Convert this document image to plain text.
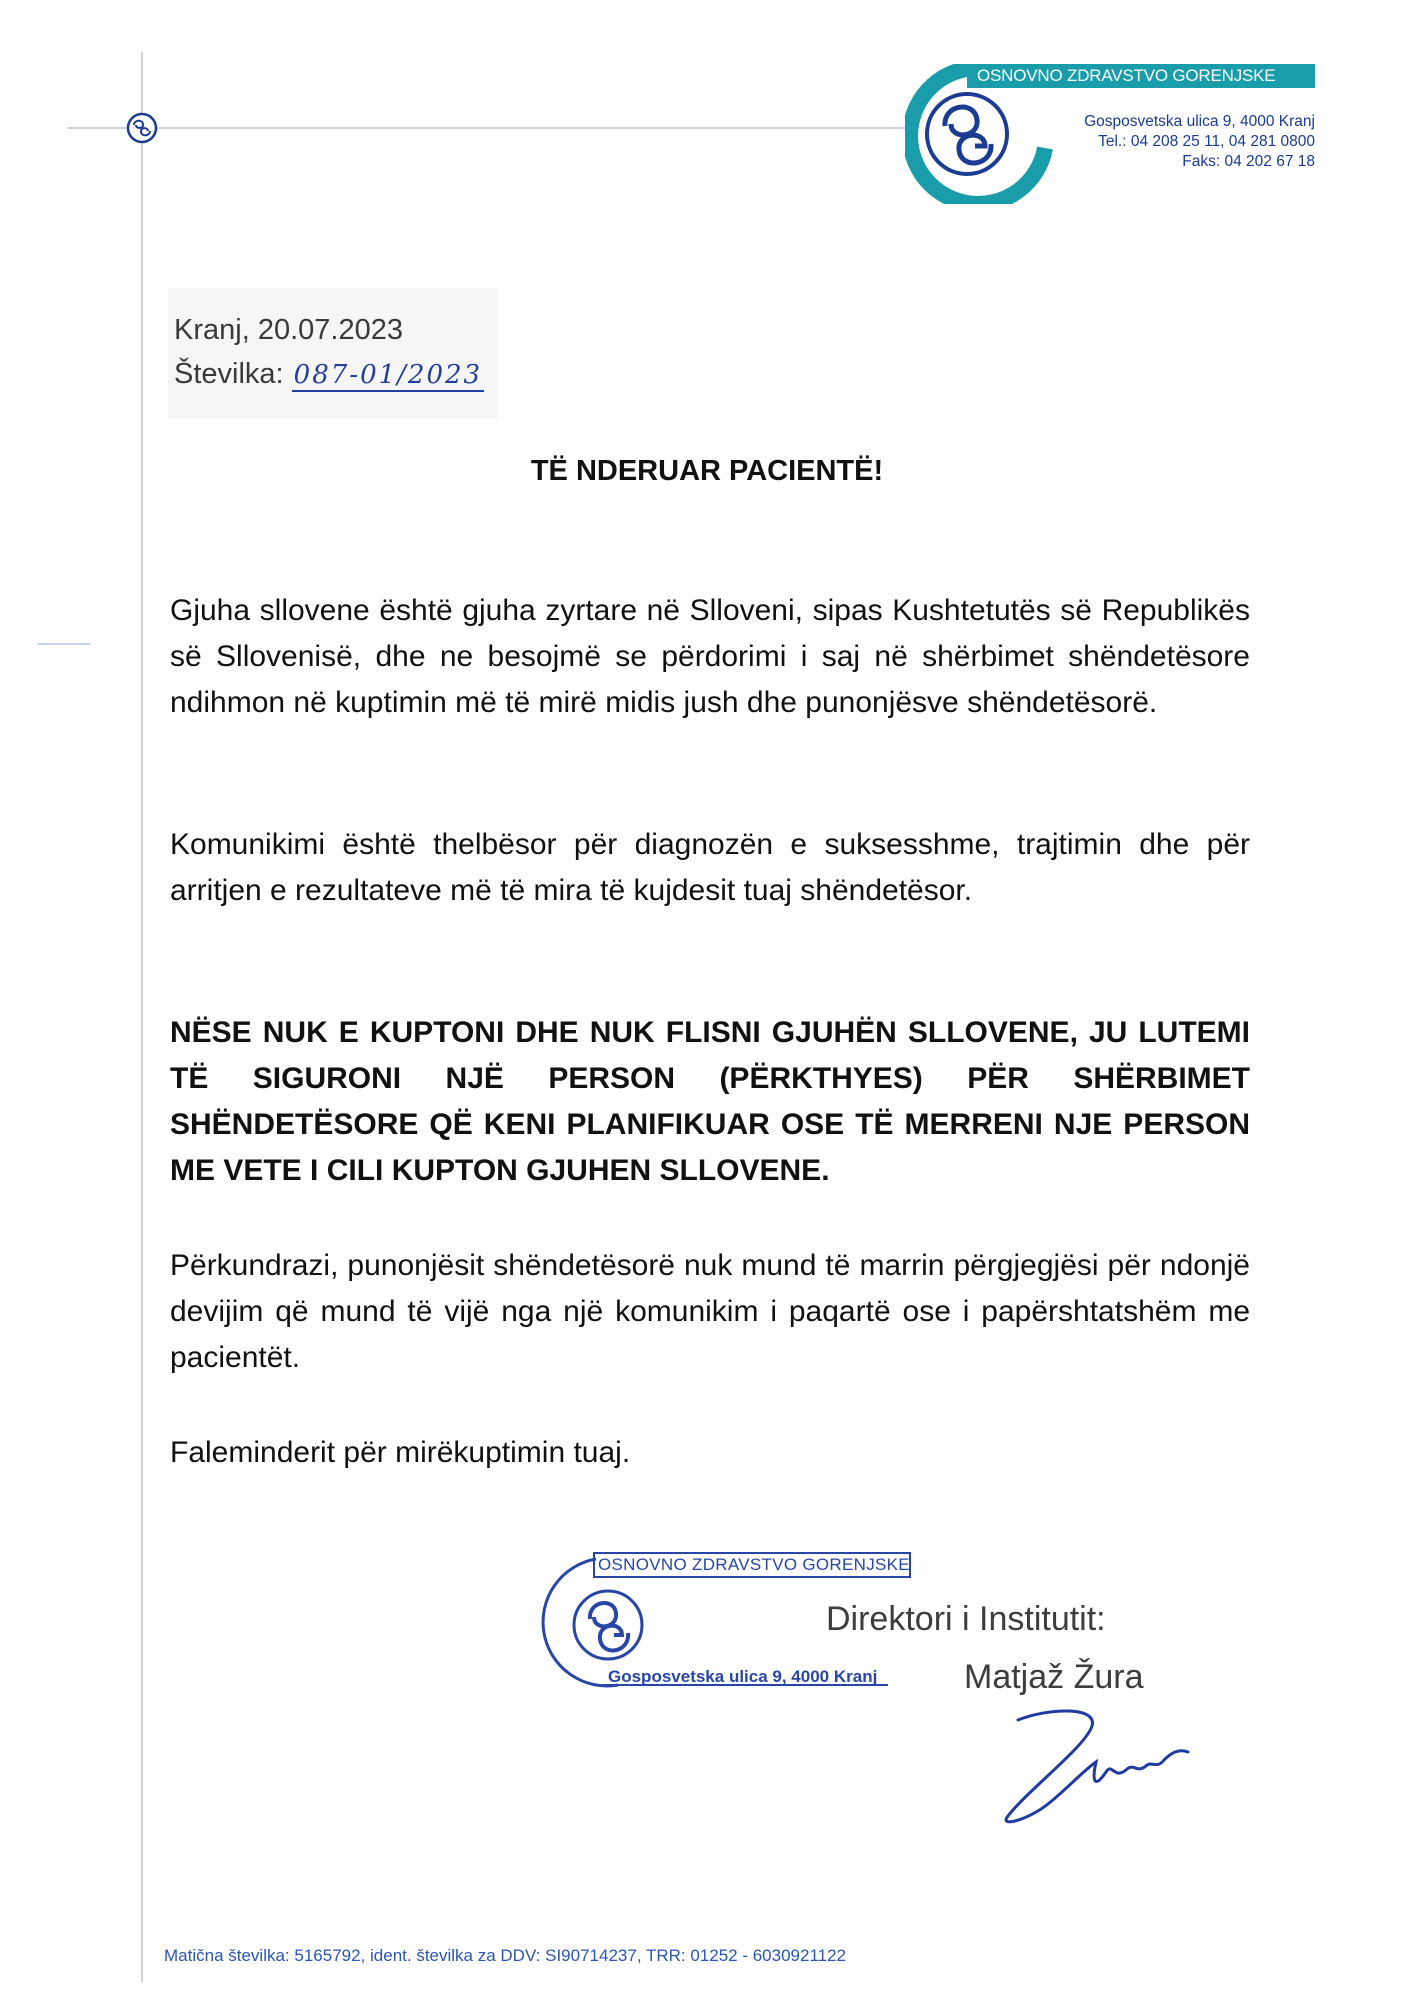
OSNOVNO ZDRAVSTVO GORENJSKE
Gosposvetska ulica 9, 4000 Kranj
Tel.: 04 208 25 11, 04 281 0800
Faks: 04 202 67 18
Kranj, 20.07.2023
Številka: 087-01/2023
TË NDERUAR PACIENTË!

Gjuha sllovene është gjuha zyrtare në Slloveni, sipas Kushtetutës së Republikës së Sllovenisë, dhe ne besojmë se përdorimi i saj në shërbimet shëndetësore ndihmon në kuptimin më të mirë midis jush dhe punonjësve shëndetësorë.

Komunikimi është thelbësor për diagnozën e suksesshme, trajtimin dhe për arritjen e rezultateve më të mira të kujdesit tuaj shëndetësor.

NËSE NUK E KUPTONI DHE NUK FLISNI GJUHËN SLLOVENE, JU LUTEMI TË SIGURONI NJË PERSON (PËRKTHYES) PËR SHËRBIMET SHËNDETËSORE QË KENI PLANIFIKUAR OSE TË MERRENI NJE PERSON ME VETE I CILI KUPTON GJUHEN SLLOVENE.

Përkundrazi, punonjësit shëndetësorë nuk mund të marrin përgjegjësi për ndonjë devijim që mund të vijë nga një komunikim i paqartë ose i papërshtatshëm me pacientët.

Faleminderit për mirëkuptimin tuaj.

OSNOVNO ZDRAVSTVO GORENJSKE
Gosposvetska ulica 9, 4000 Kranj
Direktori i Institutit:
Matjaž Žura
Matična številka: 5165792, ident. številka za DDV: SI90714237, TRR: 01252 - 6030921122
